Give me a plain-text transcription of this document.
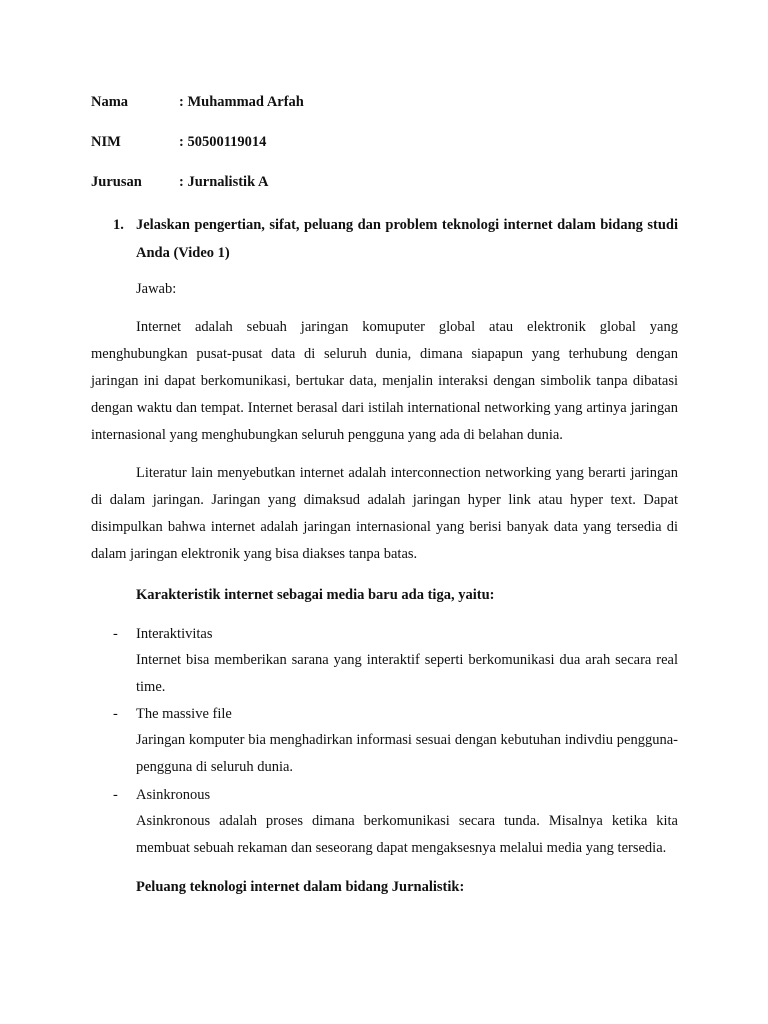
Nama	: Muhammad Arfah
NIM	: 50500119014
Jurusan	: Jurnalistik A
1. Jelaskan pengertian, sifat, peluang dan problem teknologi internet dalam bidang studi Anda (Video 1)
Jawab:
Internet adalah sebuah jaringan komuputer global atau elektronik global yang menghubungkan pusat-pusat data di seluruh dunia, dimana siapapun yang terhubung dengan jaringan ini dapat berkomunikasi, bertukar data, menjalin interaksi dengan simbolik tanpa dibatasi dengan waktu dan tempat. Internet berasal dari istilah international networking yang artinya jaringan internasional yang menghubungkan seluruh pengguna yang ada di belahan dunia.
Literatur lain menyebutkan internet adalah interconnection networking yang berarti jaringan di dalam jaringan. Jaringan yang dimaksud adalah jaringan hyper link atau hyper text. Dapat disimpulkan bahwa internet adalah jaringan internasional yang berisi banyak data yang tersedia di dalam jaringan elektronik yang bisa diakses tanpa batas.
Karakteristik internet sebagai media baru ada tiga, yaitu:
- Interaktivitas
Internet bisa memberikan sarana yang interaktif seperti berkomunikasi dua arah secara real time.
- The massive file
Jaringan komputer bia menghadirkan informasi sesuai dengan kebutuhan indivdiu pengguna-pengguna di seluruh dunia.
- Asinkronous
Asinkronous adalah proses dimana berkomunikasi secara tunda. Misalnya ketika kita membuat sebuah rekaman dan seseorang dapat mengaksesnya melalui media yang tersedia.
Peluang teknologi internet dalam bidang Jurnalistik:
